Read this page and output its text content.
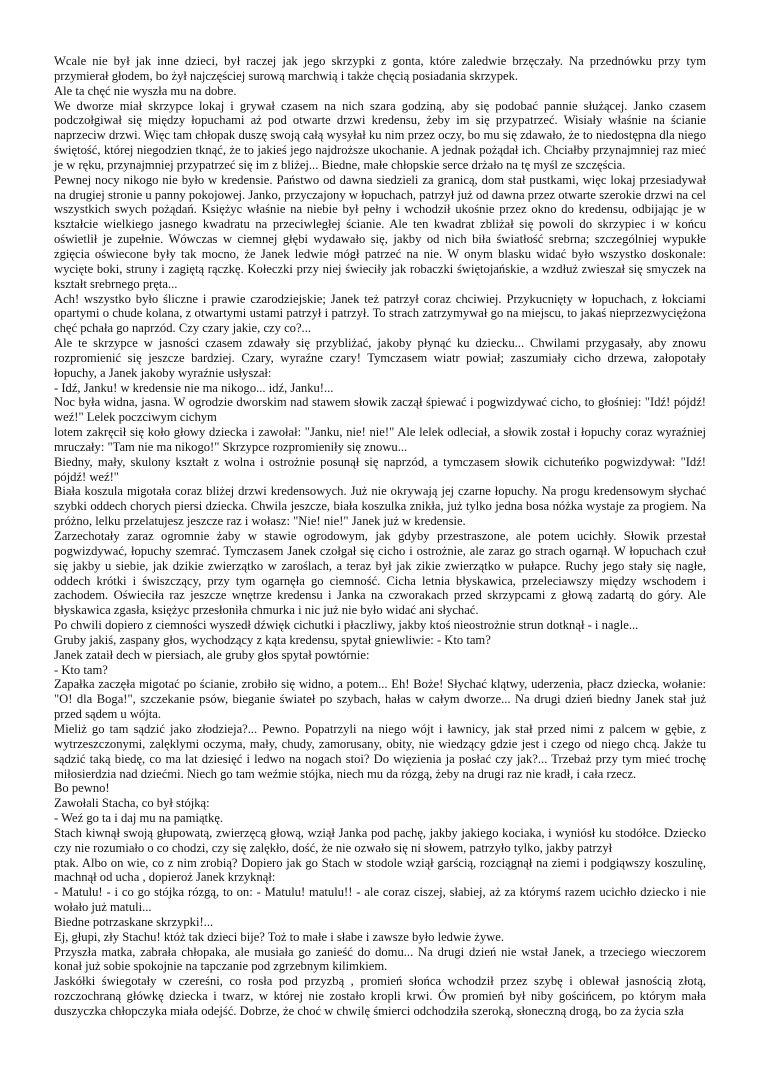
Wcale nie był jak inne dzieci, był raczej jak jego skrzypki z gonta, które zaledwie brzęczały. Na przednówku przy tym przymierał głodem, bo żył najczęściej surową marchwią i także chęcią posiadania skrzypek.

Ale ta chęć nie wyszła mu na dobre.

We dworze miał skrzypce lokaj i grywał czasem na nich szara godziną, aby się podobać pannie służącej. Janko czasem podczołgiwał się między łopuchami aż pod otwarte drzwi kredensu, żeby im się przypatrzeć. Wisiały właśnie na ścianie naprzeciw drzwi. Więc tam chłopak duszę swoją całą wysyłał ku nim przez oczy, bo mu się zdawało, że to niedostępna dla niego świętość, której niegodzien tknąć, że to jakieś jego najdroższe ukochanie. A jednak pożądał ich. Chciałby przynajmniej raz mieć je w ręku, przynajmniej przypatrzeć się im z bliżej... Biedne, małe chłopskie serce drżało na tę myśl ze szczęścia.

Pewnej nocy nikogo nie było w kredensie. Państwo od dawna siedzieli za granicą, dom stał pustkami, więc lokaj przesiadywał na drugiej stronie u panny pokojowej. Janko, przyczajony w łopuchach, patrzył już od dawna przez otwarte szerokie drzwi na cel wszystkich swych pożądań. Księżyc właśnie na niebie był pełny i wchodził ukośnie przez okno do kredensu, odbijając je w kształcie wielkiego jasnego kwadratu na przeciwległej ścianie. Ale ten kwadrat zbliżał się powoli do skrzypiec i w końcu oświetlił je zupełnie. Wówczas w ciemnej głębi wydawało się, jakby od nich biła światłość srebrna; szczególniej wypukłe zgięcia oświecone były tak mocno, że Janek ledwie mógł patrzeć na nie. W onym blasku widać było wszystko doskonale: wycięte boki, struny i zagiętą rączkę. Kołeczki przy niej świeciły jak robaczki świętojańskie, a wzdłuż zwieszał się smyczek na kształt srebrnego pręta...

Ach! wszystko było śliczne i prawie czarodziejskie; Janek też patrzył coraz chciwiej. Przykucnięty w łopuchach, z łokciami opartymi o chude kolana, z otwartymi ustami patrzył i patrzył. To strach zatrzymywał go na miejscu, to jakaś nieprzezwyciężona chęć pchała go naprzód. Czy czary jakie, czy co?...

Ale te skrzypce w jasności czasem zdawały się przybliżać, jakoby płynąć ku dziecku... Chwilami przygasały, aby znowu rozpromienić się jeszcze bardziej. Czary, wyraźne czary! Tymczasem wiatr powiał; zaszumiały cicho drzewa, załopotały łopuchy, a Janek jakoby wyraźnie usłyszał:

- Idź, Janku! w kredensie nie ma nikogo... idź, Janku!...

Noc była widna, jasna. W ogrodzie dworskim nad stawem słowik zaczął śpiewać i pogwizdywać cicho, to głośniej: "Idź! pójdź! weź!" Lelek poczciwym cichym

lotem zakręcił się koło głowy dziecka i zawołał: "Janku, nie! nie!" Ale lelek odleciał, a słowik został i łopuchy coraz wyraźniej mruczały: "Tam nie ma nikogo!" Skrzypce rozpromieniły się znowu...

Biedny, mały, skulony kształt z wolna i ostrożnie posunął się naprzód, a tymczasem słowik cichuteńko pogwizdywał: "Idź! pójdź! weź!"

Biała koszula migotała coraz bliżej drzwi kredensowych. Już nie okrywają jej czarne łopuchy. Na progu kredensowym słychać szybki oddech chorych piersi dziecka. Chwila jeszcze, biała koszulka znikła, już tylko jedna bosa nóżka wystaje za progiem. Na próżno, lelku przelatujesz jeszcze raz i wołasz: "Nie! nie!" Janek już w kredensie.

Zarzechotały zaraz ogromnie żaby w stawie ogrodowym, jak gdyby przestraszone, ale potem ucichły. Słowik przestał pogwizdywać, łopuchy szemrać. Tymczasem Janek czołgał się cicho i ostrożnie, ale zaraz go strach ogarnął. W łopuchach czuł się jakby u siebie, jak dzikie zwierzątko w zaroślach, a teraz był jak zikie zwierzątko w pułapce. Ruchy jego stały się nagłe, oddech krótki i świszczący, przy tym ogarnęła go ciemność. Cicha letnia błyskawica, przeleciawszy między wschodem i zachodem. Oświeciła raz jeszcze wnętrze kredensu i Janka na czworakach przed skrzypcami z głową zadartą do góry. Ale błyskawica zgasła, księżyc przesłoniła chmurka i nic już nie było widać ani słychać.

Po chwili dopiero z ciemności wyszedł dźwięk cichutki i płaczliwy, jakby ktoś nieostrożnie strun dotknął - i nagle...

Gruby jakiś, zaspany głos, wychodzący z kąta kredensu, spytał gniewliwie: - Kto tam?

Janek zataił dech w piersiach, ale gruby głos spytał powtórnie:

- Kto tam?

Zapałka zaczęła migotać po ścianie, zrobiło się widno, a potem... Eh! Boże! Słychać klątwy, uderzenia, płacz dziecka, wołanie: "O! dla Boga!", szczekanie psów, bieganie świateł po szybach, hałas w całym dworze... Na drugi dzień biedny Janek stał już przed sądem u wójta.

Mieliż go tam sądzić jako złodzieja?... Pewno. Popatrzyli na niego wójt i ławnicy, jak stał przed nimi z palcem w gębie, z wytrzeszczonymi, zalęklymi oczyma, mały, chudy, zamorusany, obity, nie wiedzący gdzie jest i czego od niego chcą. Jakże tu sądzić taką biedę, co ma lat dziesięć i ledwo na nogach stoi? Do więzienia ja posłać czy jak?... Trzebaż przy tym mieć trochę miłosierdzia nad dziećmi. Niech go tam weźmie stójka, niech mu da rózgą, żeby na drugi raz nie kradł, i cała rzecz.

Bo pewno!

Zawołali Stacha, co był stójką:

- Weź go ta i daj mu na pamiątkę.

Stach kiwnął swoją głupowatą, zwierzęcą głową, wziął Janka pod pachę, jakby jakiego kociaka, i wyniósł ku stodółce. Dziecko czy nie rozumiało o co chodzi, czy się zalękło, dość, że nie ozwało się ni słowem, patrzyło tylko, jakby patrzył

ptak. Albo on wie, co z nim zrobią? Dopiero jak go Stach w stodole wziął garścią, rozciągnął na ziemi i podgiąwszy koszulinę, machnął od ucha , dopieroż Janek krzyknął:

- Matulu! - i co go stójka rózgą, to on: - Matulu! matulu!! - ale coraz ciszej, słabiej, aż za którymś razem ucichło dziecko i nie wołało już matuli...

Biedne potrzaskane skrzypki!...

Ej, głupi, zły Stachu! któż tak dzieci bije? Toż to małe i słabe i zawsze było ledwie żywe.

Przyszła matka, zabrała chłopaka, ale musiała go zanieść do domu... Na drugi dzień nie wstał Janek, a trzeciego wieczorem konał już sobie spokojnie na tapczanie pod zgrzebnym kilimkiem.

Jaskółki świegotały w czereśni, co rosła pod przyzbą , promień słońca wchodził przez szybę i oblewał jasnością złotą, rozczochraną główkę dziecka i twarz, w której nie zostało kropli krwi. Ów promień był niby gościńcem, po którym mała duszyczka chłopczyka miała odejść. Dobrze, że choć w chwilę śmierci odchodziła szeroką, słoneczną drogą, bo za życia szła
